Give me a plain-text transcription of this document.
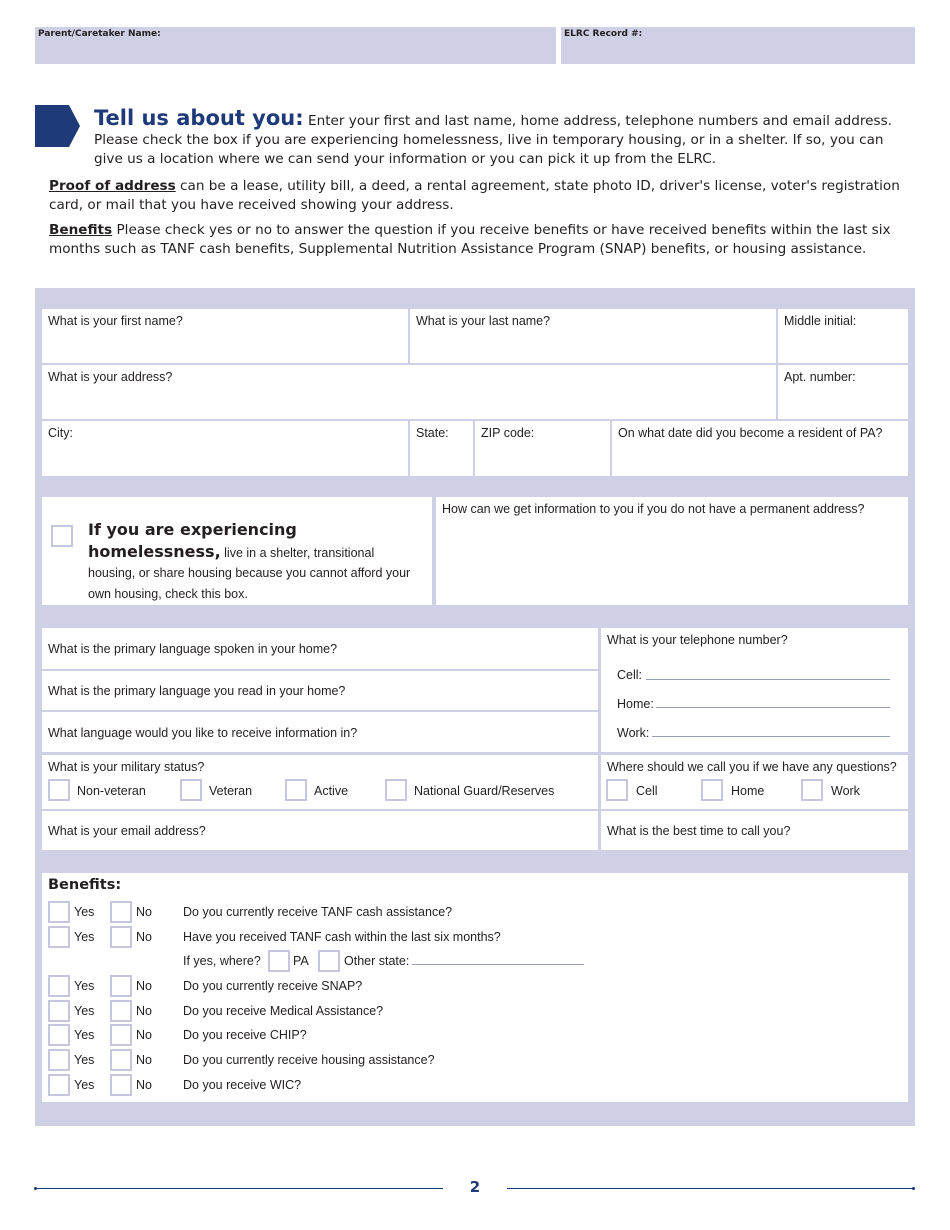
Parent/Caretaker Name:	ELRC Record #:
Tell us about you: Enter your first and last name, home address, telephone numbers and email address. Please check the box if you are experiencing homelessness, live in temporary housing, or in a shelter. If so, you can give us a location where we can send your information or you can pick it up from the ELRC.
Proof of address can be a lease, utility bill, a deed, a rental agreement, state photo ID, driver's license, voter's registration card, or mail that you have received showing your address.
Benefits Please check yes or no to answer the question if you receive benefits or have received benefits within the last six months such as TANF cash benefits, Supplemental Nutrition Assistance Program (SNAP) benefits, or housing assistance.
What is your first name?	What is your last name?	Middle initial:
What is your address?	Apt. number:
City:	State:	ZIP code:	On what date did you become a resident of PA?
If you are experiencing homelessness, live in a shelter, transitional housing, or share housing because you cannot afford your own housing, check this box.
How can we get information to you if you do not have a permanent address?
What is the primary language spoken in your home?
What is the primary language you read in your home?
What language would you like to receive information in?
What is your telephone number?
Cell:
Home:
Work:
What is your military status?
Non-veteran	Veteran	Active	National Guard/Reserves
Where should we call you if we have any questions?
Cell	Home	Work
What is your email address?	What is the best time to call you?
Benefits:
Yes	No Do you currently receive TANF cash assistance?
Yes	No Have you received TANF cash within the last six months?
If yes, where?	PA	Other state:
Yes	No Do you currently receive SNAP?
Yes	No Do you receive Medical Assistance?
Yes	No Do you receive CHIP?
Yes	No Do you currently receive housing assistance?
Yes	No Do you receive WIC?
2
